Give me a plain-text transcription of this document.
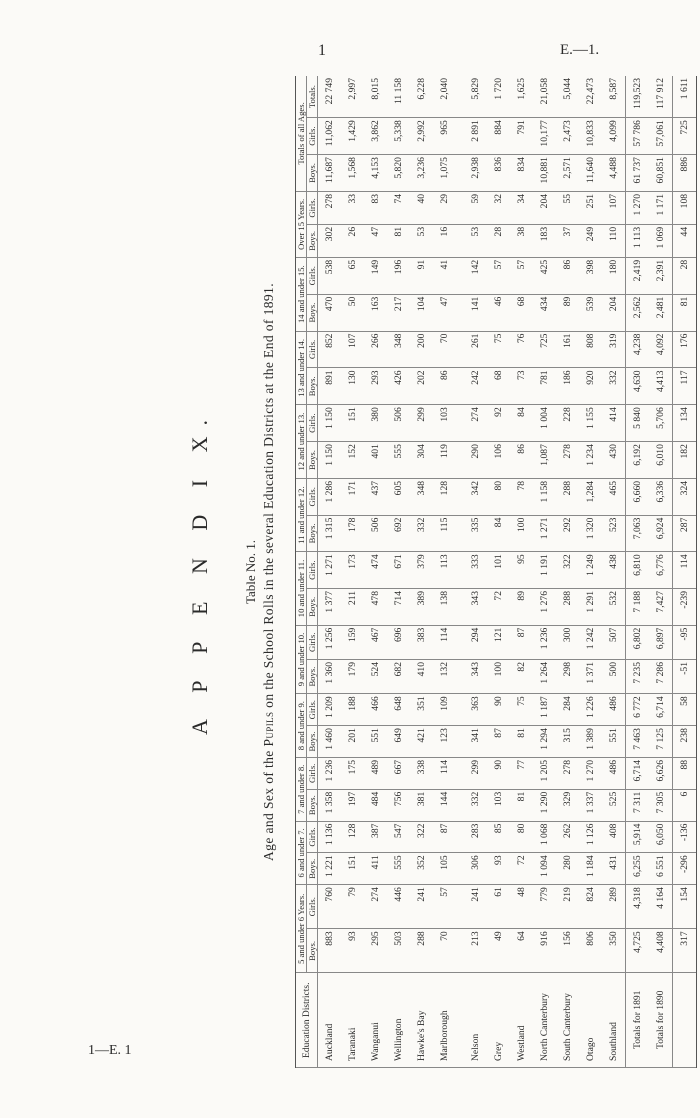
1	E.—1.
1—E. 1
A P P E N D I X. Table No. 1.
Age and Sex of the Pupils on the School Rolls in the several Education Districts at the End of 1891.
Education Districts.	5 and under 6 Years.		6 and under 7.		7 and under 8.		8 and under 9.		9 and under 10.		10 and under 11.		11 and under 12.		12 and under 13.		13 and under 14.		14 and under 15.		Over 15 Years.		Totals of all Ages.		
	Boys.	Girls.	Boys.	Girls.	Boys.	Girls.	Boys.	Girls.	Boys.	Girls.	Boys.	Girls.	Boys.	Girls.	Boys.	Girls.	Boys.	Girls.	Boys.	Girls.	Boys.	Girls.	Boys.	Girls.	Totals.
Auckland	883	760	1 221	1 136	1 358	1 236	1 460	1 209	1 360	1 256	1 377	1 271	1 315	1 286	1 150	1 150	891	852	470	538	302	278	11,687	11,062	22 749
Taranaki	93	79	151	128	197	175	201	188	179	159	211	173	178	171	152	151	130	107	50	65	26	33	1,568	1,429	2,997
Wanganui	295	274	411	387	484	489	551	466	524	467	478	474	506	437	401	380	293	266	163	149	47	83	4,153	3,862	8,015
Wellington	503	446	555	547	756	667	649	648	682	696	714	671	692	605	555	506	426	348	217	196	81	74	5,820	5,338	11 158
Hawke's Bay	288	241	352	322	381	338	421	351	410	383	389	379	332	348	304	299	202	200	104	91	53	40	3,236	2,992	6,228
Marlborough	70	57	105	87	144	114	123	109	132	114	138	113	115	128	119	103	86	70	47	41	16	29	1,075	965	2,040
Nelson	213	241	306	283	332	299	341	363	343	294	343	333	335	342	290	274	242	261	141	142	53	59	2,938	2 891	5,829
Grey	49	61	93	85	103	90	87	90	100	121	72	101	84	80	106	92	68	75	46	57	28	32	836	884	1 720
Westland	64	48	72	80	81	77	81	75	82	87	89	95	100	78	86	84	73	76	68	57	38	34	834	791	1,625
North Canterbury	916	779	1 094	1 068	1 290	1 205	1 294	1 187	1 264	1 236	1 276	1 191	1 271	1 158	1,087	1 004	781	725	434	425	183	204	10,881	10,177	21,058
South Canterbury	156	219	280	262	329	278	315	284	298	300	288	322	292	288	278	228	186	161	89	86	37	55	2,571	2,473	5,044
Otago	806	824	1 184	1 126	1 337	1 270	1 389	1 226	1 371	1 242	1 291	1 249	1 320	1,284	1 234	1 155	920	808	539	398	249	251	11,640	10,833	22,473
Southland	350	289	431	408	525	486	551	486	500	507	532	438	523	465	430	414	332	319	204	180	110	107	4,488	4,099	8,587
Totals for 1891	4,725	4,318	6,255	5,914	7 311	6,714	7 463	6 772	7 235	6,802	7 188	6,810	7,063	6,660	6,192	5 840	4,630	4,238	2,562	2,419	1 113	1 270	61 737	57 786	119,523
Totals for 1890	4,408	4 164	6 551	6,050	7 305	6,626	7 125	6,714	7 286	6,897	7,427	6,776	6,924	6,336	6,010	5,706	4,413	4,092	2,481	2,391	1 069	1 171	60,851	57,061	117 912
	317	154	-296	-136	6	88	238	58	-51	-95	-239	114	287	324	182	134	117	176	81	28	44	108	886	725	1 611
